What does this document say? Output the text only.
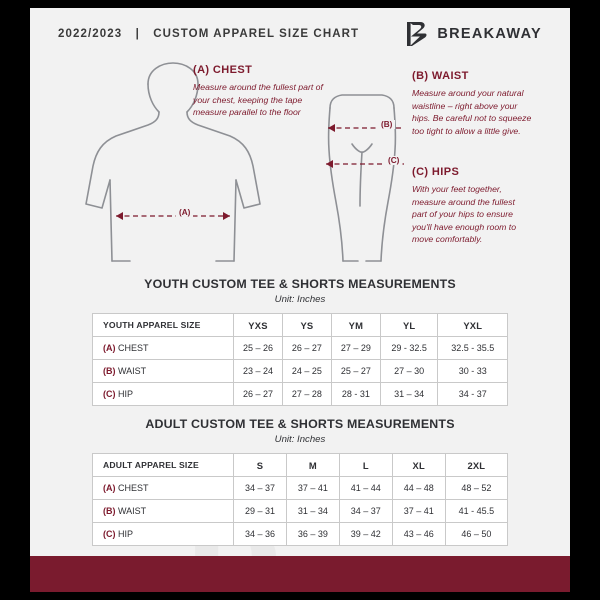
2022/2023 | CUSTOM APPAREL SIZE CHART	BREAKAWAY
(A) CHEST
Measure around the fullest part of your chest, keeping the tape measure parallel to the floor
(B) WAIST
Measure around your natural waistline – right above your hips. Be careful not to squeeze too tight to allow a little give.
(C) HIPS
With your feet together, measure around the fullest part of your hips to ensure you'll have enough room to move comfortably.
(A)
(B)
(C)
YOUTH CUSTOM TEE & SHORTS MEASUREMENTS
Unit: Inches
YOUTH APPAREL SIZE	YXS	YS	YM	YL	YXL
(A) CHEST	25 – 26	26 – 27	27 – 29	29 - 32.5	32.5 - 35.5
(B) WAIST	23 – 24	24 – 25	25 – 27	27 – 30	30 - 33
(C) HIP	26 – 27	27 – 28	28 - 31	31 – 34	34 - 37
ADULT CUSTOM TEE & SHORTS MEASUREMENTS
Unit: Inches
ADULT APPAREL SIZE	S	M	L	XL	2XL
(A) CHEST	34 – 37	37 – 41	41 – 44	44 – 48	48 – 52
(B) WAIST	29 – 31	31 – 34	34 – 37	37 – 41	41 - 45.5
(C) HIP	34 – 36	36 – 39	39 – 42	43 – 46	46 – 50
